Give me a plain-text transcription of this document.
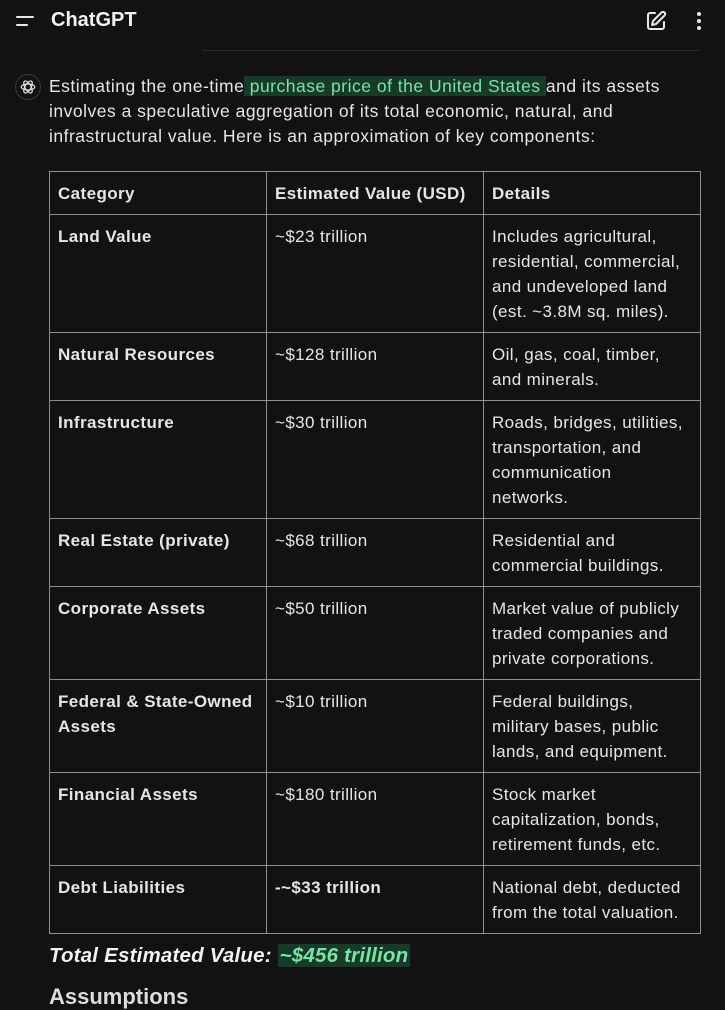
ChatGPT
Estimating the one-time purchase price of the United States and its assets involves a speculative aggregation of its total economic, natural, and infrastructural value. Here is an approximation of key components:
Category	Estimated Value (USD)	Details
Land Value	~$23 trillion	Includes agricultural, residential, commercial, and undeveloped land (est. ~3.8M sq. miles).
Natural Resources	~$128 trillion	Oil, gas, coal, timber, and minerals.
Infrastructure	~$30 trillion	Roads, bridges, utilities, transportation, and communication networks.
Real Estate (private)	~$68 trillion	Residential and commercial buildings.
Corporate Assets	~$50 trillion	Market value of publicly traded companies and private corporations.
Federal & State-Owned Assets	~$10 trillion	Federal buildings, military bases, public lands, and equipment.
Financial Assets	~$180 trillion	Stock market capitalization, bonds, retirement funds, etc.
Debt Liabilities	-~$33 trillion	National debt, deducted from the total valuation.
Total Estimated Value: ~$456 trillion
Assumptions
